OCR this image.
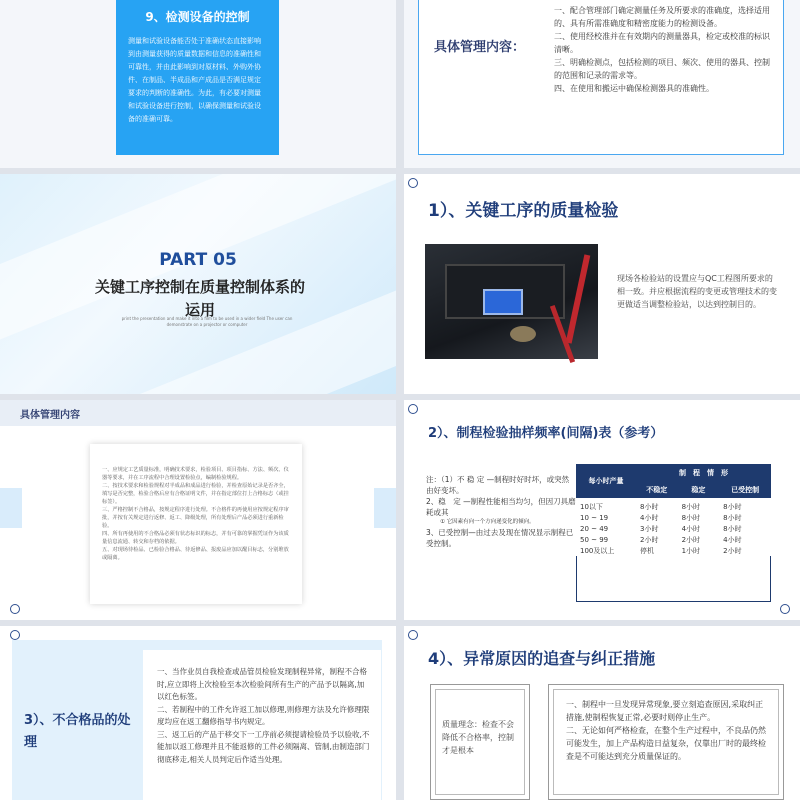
9、检测设备的控制

测量和试验设备能否处于准确状态直接影响到由测量获得的质量数据和信息的准确性和可靠性，并由此影响到对原材料、外购外协件、在制品、半成品和产成品是否满足规定要求的判断的准确性。为此，有必要对测量和试验设备进行控制，以确保测量和试验设备的准确可靠。

具体管理内容：

一、配合管理部门确定测量任务及所要求的准确度，选择适用的、具有所需准确度和精密度能力的检测设备。

二、使用经校准并在有效期内的测量器具，检定或校准的标识清晰。

三、明确检测点，包括检测的项目、频次、使用的器具、控制的范围和记录的需求等。

四、在使用和搬运中确保检测器具的准确性。

PART 05
关键工序控制在质量控制体系的运用
print the presentation and make it into a film to be used in a wider field The user can demonstrate on a projector or computer
1）、关键工序的质量检验
现场各检验站的设置应与QC工程图所要求的相一致。并应根据流程的变更或管理技术的变更做适当调整检验站，以达到控制目的。
具体管理内容

一、应规定工艺质量标准，明确技术要求，检验项目、项目指标、方法、频次、仪器等要求，并在工序流程中合理设置检验点，编制检验规程。

二、按技术要求和检验规程对半成品和成品进行检验，并检查原始记录是否齐全，填写是否完整，检验合格后应有合格证明文件，并在指定部位打上合格标志（或挂标签）。

三、严格控制不合格品，按规定程序进行处理。不合格件的再使用应按规定程序审批，并按有关规定进行返修、返工、降级处理，所有处理后产品必须进行重新检验。

四、所有再使用的不合格品必须有状态标识的标志，并有可靠的掌握凭证作为该质量信息流通、转交和存档的依据。

五、对现场待检品、已检验合格品、待返修品、报废品应加以醒目标志，分别堆放或隔离。

2）、制程检验抽样频率(间隔)表（参考）

注：（1）不 稳 定 —制程时好时坏，或突然由好变坏。

2、稳　定 —制程性能相当均匀，但因刀具磨耗或其

① 它因素有向一个方向递变化的倾向。

3、已受控制—由过去及现在情况显示制程已受控制。

每小时产量	制　程　情　形		
	不稳定	稳定	已受控制
10以下	8小时	8小时	8小时
10 ~ 19	4小时	8小时	8小时
20 ~ 49	3小时	4小时	8小时
50 ~ 99	2小时	2小时	4小时
100及以上	停机	1小时	2小时
3）、不合格品的处理

一、当作业员自我检查或品管员检验发现制程异常，制程不合格时,应立即将上次检验至本次检验间所有生产的产品予以隔离,加以红色标签。

二、若制程中的工件允许返工加以修理,则修理方法及允许修理限度均应在返工翻修指导书内规定。

三、返工后的产品于移交下一工序前必须提请检验员予以验收,不能加以返工修理并且不能返修的工件必须隔离、管制,由制造部门彻底移走,相关人员判定后作适当处理。

4）、异常原因的追查与纠正措施
质量理念：检查不会降低不合格率，控制才是根本

一、制程中一旦发现异常现象,要立刻追查原因,采取纠正措施,使制程恢复正常,必要时则停止生产。

二、无论如何严格检查，在整个生产过程中，不良品仍然可能发生，加上产品构造日益复杂，仅靠出厂时的最终检查是不可能达到充分质量保证的。
